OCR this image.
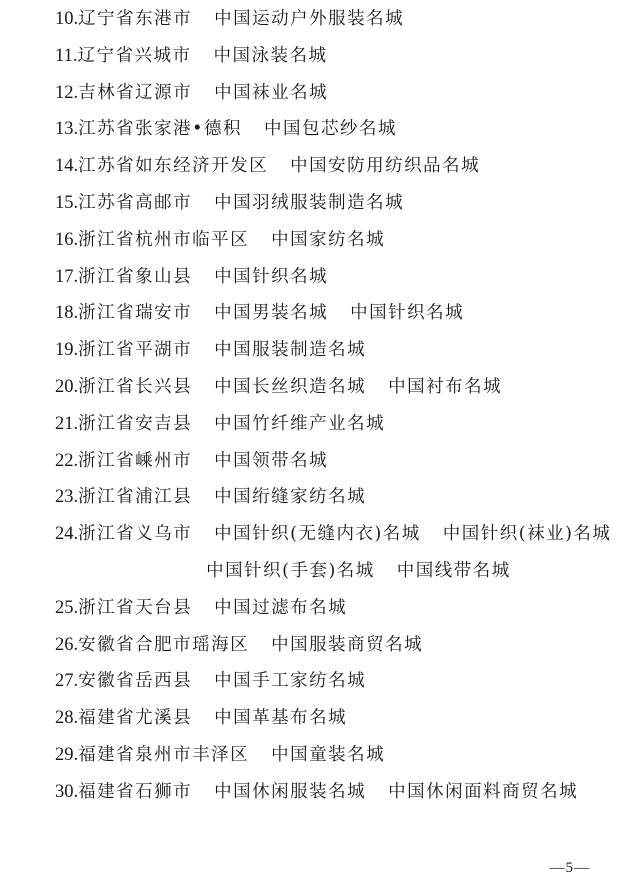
10. 辽宁省东港市 中国运动户外服装名城
11. 辽宁省兴城市 中国泳装名城
12. 吉林省辽源市 中国袜业名城
13. 江苏省张家港•德积 中国包芯纱名城
14. 江苏省如东经济开发区 中国安防用纺织品名城
15. 江苏省高邮市 中国羽绒服装制造名城
16. 浙江省杭州市临平区 中国家纺名城
17. 浙江省象山县 中国针织名城
18. 浙江省瑞安市 中国男装名城 中国针织名城
19. 浙江省平湖市 中国服装制造名城
20. 浙江省长兴县 中国长丝织造名城 中国衬布名城
21. 浙江省安吉县 中国竹纤维产业名城
22. 浙江省嵊州市 中国领带名城
23. 浙江省浦江县 中国绗缝家纺名城
24. 浙江省义乌市 中国针织(无缝内衣)名城 中国针织(袜业)名城
中国针织(手套)名城 中国线带名城
25. 浙江省天台县 中国过滤布名城
26. 安徽省合肥市瑶海区 中国服装商贸名城
27. 安徽省岳西县 中国手工家纺名城
28. 福建省尤溪县 中国革基布名城
29. 福建省泉州市丰泽区 中国童装名城
30. 福建省石狮市 中国休闲服装名城 中国休闲面料商贸名城
—5—
